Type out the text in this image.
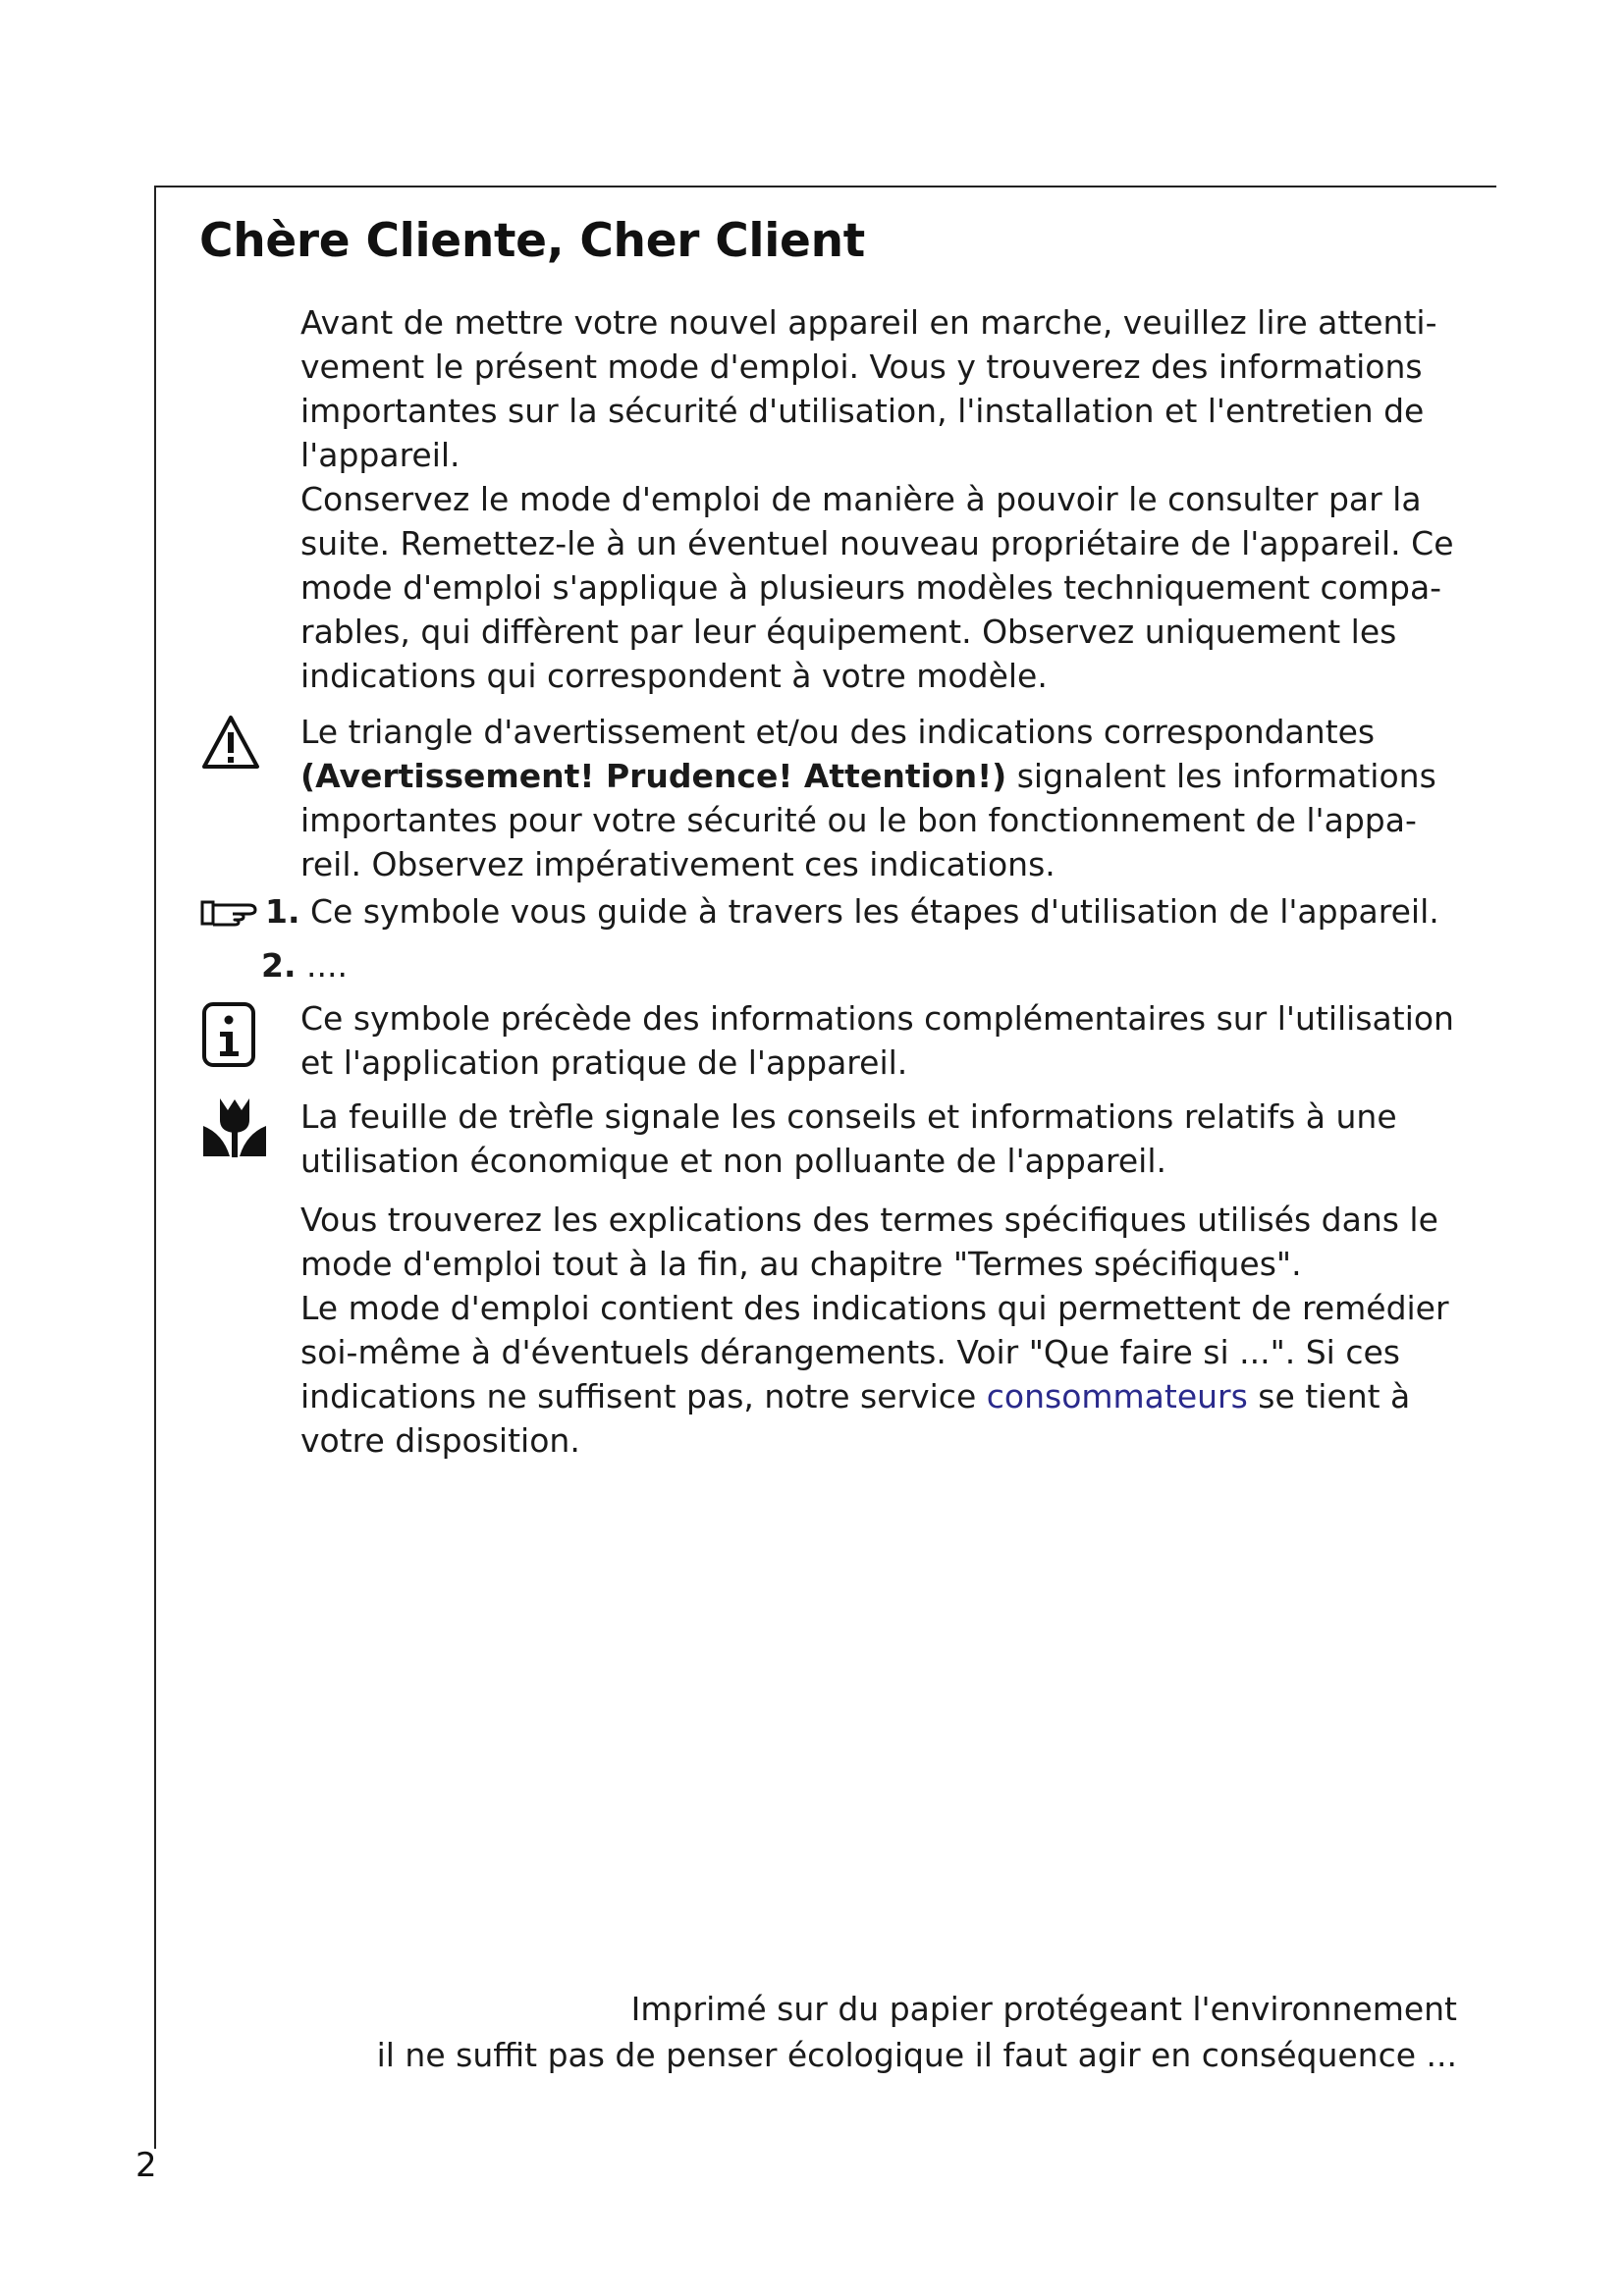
Chère Cliente, Cher Client
Avant de mettre votre nouvel appareil en marche, veuillez lire attenti-
vement le présent mode d'emploi. Vous y trouverez des informations
importantes sur la sécurité d'utilisation, l'installation et l'entretien de
l'appareil.
Conservez le mode d'emploi de manière à pouvoir le consulter par la
suite. Remettez-le à un éventuel nouveau propriétaire de l'appareil. Ce
mode d'emploi s'applique à plusieurs modèles techniquement compa-
rables, qui diffèrent par leur équipement. Observez uniquement les
indications qui correspondent à votre modèle.
Le triangle d'avertissement et/ou des indications correspondantes
(Avertissement! Prudence! Attention!) signalent les informations
importantes pour votre sécurité ou le bon fonctionnement de l'appa-
reil. Observez impérativement ces indications.
1. Ce symbole vous guide à travers les étapes d'utilisation de l'appareil.
2. ....
Ce symbole précède des informations complémentaires sur l'utilisation
et l'application pratique de l'appareil.
La feuille de trèfle signale les conseils et informations relatifs à une
utilisation économique et non polluante de l'appareil.
Vous trouverez les explications des termes spécifiques utilisés dans le
mode d'emploi tout à la fin, au chapitre "Termes spécifiques".
Le mode d'emploi contient des indications qui permettent de remédier
soi-même à d'éventuels dérangements. Voir "Que faire si ...". Si ces
indications ne suffisent pas, notre service consommateurs se tient à
votre disposition.
Imprimé sur du papier protégeant l'environnement
il ne suffit pas de penser écologique il faut agir en conséquence ...
2
